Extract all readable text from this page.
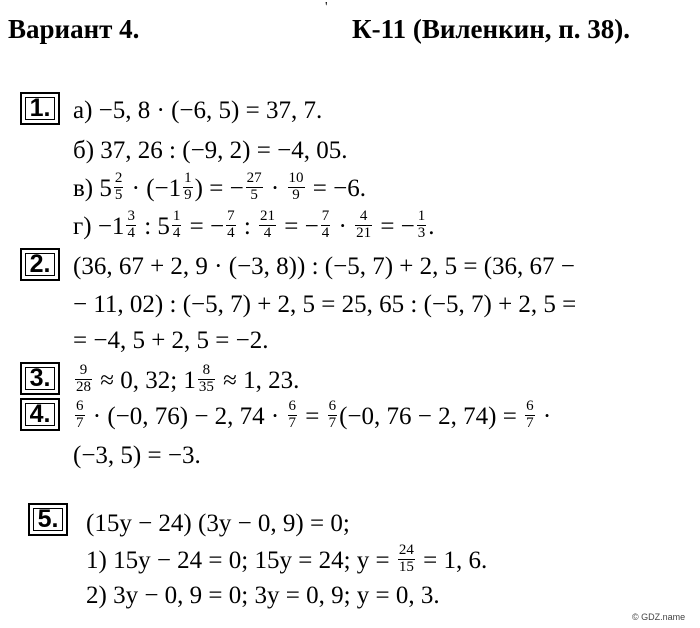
Вариант 4.	К-11 (Виленкин, п. 38).
'
1. а) −5, 8 · (−6, 5) = 37, 7.
б) 37, 26 : (−9, 2) = −4, 05.
в) $5 \frac{2}{5} \cdot (-1 \frac{1}{9}$ ) = − $\frac{27}{5} \cdot \frac{10}{9} = -6$.
$г) -1 \frac{3}{4}$ : $5 \frac{1}{4}$ = − $\frac{7}{4}$ : $\frac{21}{4}$ = − $\frac{7}{4} \cdot \frac{4}{21}$ = − $\frac{1}{3}$ .
2. (36, 67 + 2, 9 · (−3, 8)) : (−5, 7) + 2, 5 = (36, 67 −
− 11, 02) : (−5, 7) + 2, 5 = 25, 65 : (−5, 7) + 2, 5 =
= −4, 5 + 2, 5 = −2.
3.	$\frac{9}{28} \approx 0$, 32; $1 \frac{8}{35} \approx 1$, 23.
4.	$\frac{6}{7} \cdot (-0$, 76) − 2, $74 \cdot \frac{6}{7} = \frac{6}{7} (-0$, 76 − 2, $74) = \frac{6}{7}$ ·
(−3, 5) = −3.
5.	(15y − 24) (3y − 0, 9) = 0;
1) 15y − 24 = 0; 15y = 24; $y = \frac{24}{15} = 1$, 6.
2) 3y − 0, 9 = 0; 3y = 0, 9; y = 0, 3.
© GDZ.name
